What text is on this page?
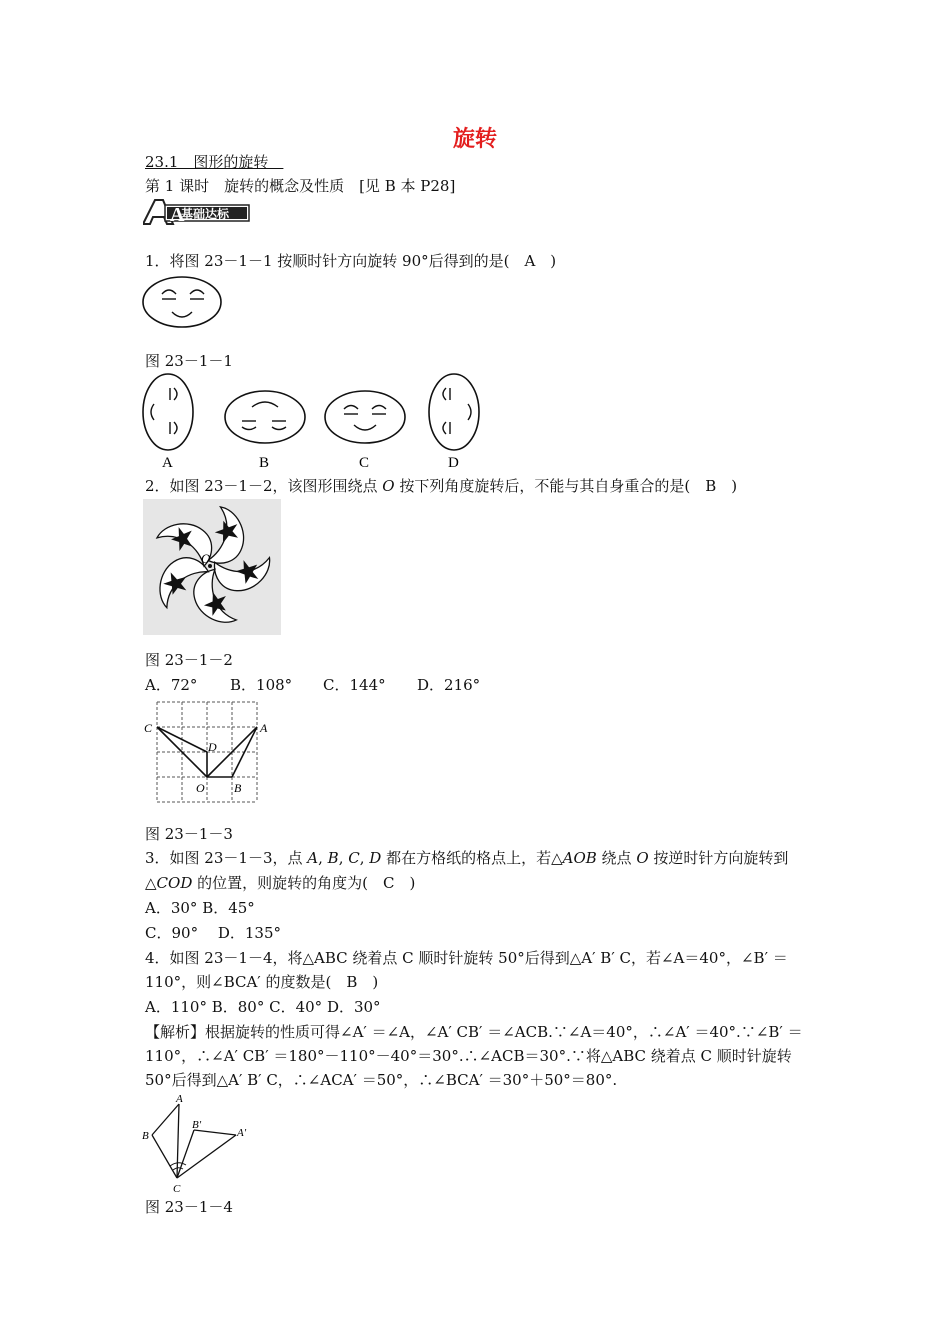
旋转
23.1　图形的旋转　
第 1 课时　旋转的概念及性质　[见 B 本 P28]
A
基础达标
1．将图 23－1－1 按顺时针方向旋转 90°后得到的是(　A　)
图 23－1－1
A	B	C	D
2．如图 23－1－2，该图形围绕点 O 按下列角度旋转后，不能与其自身重合的是(　B　)
O
图 23－1－2
A．72° B．108° C．144° D．216°
C	A
D
O B
图 23－1－3
3．如图 23－1－3，点 A, B, C, D 都在方格纸的格点上，若△AOB 绕点 O 按逆时针方向旋转到
△COD 的位置，则旋转的角度为(　C　)
A．30° B．45°
C．90°　 D．135°
4．如图 23－1－4，将△ABC 绕着点 C 顺时针旋转 50°后得到△A′ B′ C，若∠A＝40°，∠B′ ＝110°，则∠BCA′ 的度数是(　B　)
A．110° B．80° C．40° D．30°
【解析】根据旋转的性质可得∠A′ ＝∠A，∠A′ CB′ ＝∠ACB.∵∠A＝40°，∴∠A′ ＝40°.∵∠B′ ＝110°，∴∠A′ CB′ ＝180°－110°－40°＝30°.∴∠ACB＝30°.∵将△ABC 绕着点 C 顺时针旋转 50°后得到△A′ B′ C，∴∠ACA′ ＝50°，∴∠BCA′ ＝30°＋50°＝80°.
A
B
C
B′
A′
图 23－1－4
